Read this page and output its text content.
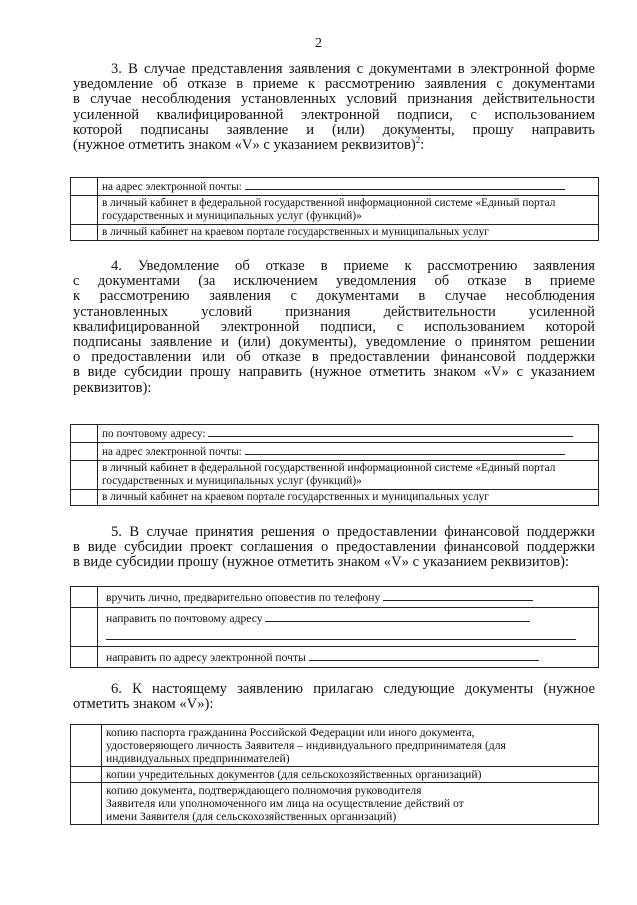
2
3. В случае представления заявления с документами в электронной форме
уведомление об отказе в приеме к рассмотрению заявления с документами
в случае несоблюдения установленных условий признания действительности
усиленной квалифицированной электронной подписи, с использованием
которой подписаны заявление и (или) документы, прошу направить
(нужное отметить знаком «V» с указанием реквизитов)$^2$:
	на адрес электронной почты:
	в личный кабинет в федеральной государственной информационной системе «Единый портал государственных и муниципальных услуг (функций)»
	в личный кабинет на краевом портале государственных и муниципальных услуг
4. Уведомление об отказе в приеме к рассмотрению заявления
с документами (за исключением уведомления об отказе в приеме
к рассмотрению заявления с документами в случае несоблюдения
установленных условий признания действительности усиленной
квалифицированной электронной подписи, с использованием которой
подписаны заявление и (или) документы), уведомление о принятом решении
о предоставлении или об отказе в предоставлении финансовой поддержки
в виде субсидии прошу направить (нужное отметить знаком «V» с указанием
реквизитов):
	по почтовому адресу:
	на адрес электронной почты:
	в личный кабинет в федеральной государственной информационной системе «Единый портал государственных и муниципальных услуг (функций)»
	в личный кабинет на краевом портале государственных и муниципальных услуг
5. В случае принятия решения о предоставлении финансовой поддержки
в виде субсидии проект соглашения о предоставлении финансовой поддержки
в виде субсидии прошу (нужное отметить знаком «V» с указанием реквизитов):
	вручить лично, предварительно оповестив по телефону
	направить по почтовому адресу

	направить по адресу электронной почты
6. К настоящему заявлению прилагаю следующие документы (нужное
отметить знаком «V»):
	копию паспорта гражданина Российской Федерации или иного документа, удостоверяющего личность Заявителя – индивидуального предпринимателя (для индивидуальных предпринимателей)
	копии учредительных документов (для сельскохозяйственных организаций)
	копию документа, подтверждающего полномочия руководителя Заявителя или уполномоченного им лица на осуществление действий от имени Заявителя (для сельскохозяйственных организаций)
